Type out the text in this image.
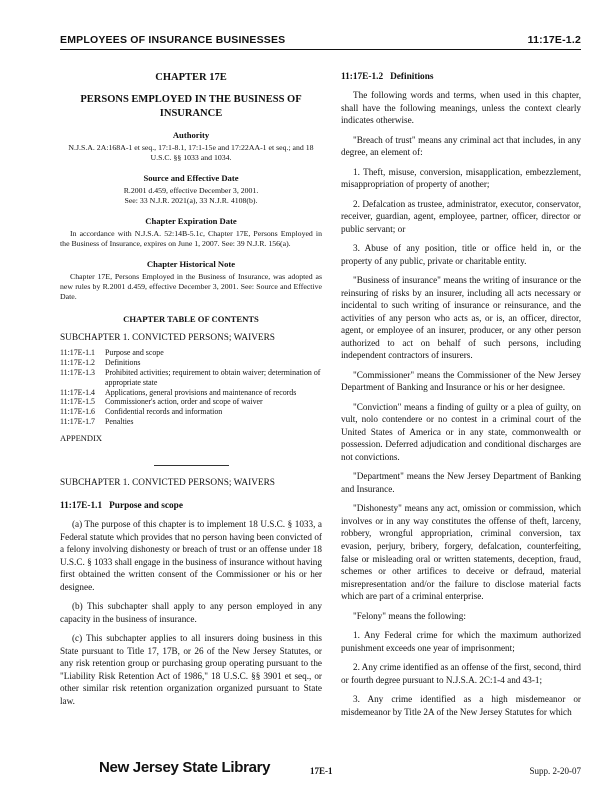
EMPLOYEES OF INSURANCE BUSINESSES	11:17E-1.2

CHAPTER 17E

PERSONS EMPLOYED IN THE BUSINESS OF INSURANCE

Authority

N.J.S.A. 2A:168A-1 et seq., 17:1-8.1, 17:1-15e and 17:22AA-1 et seq.; and 18 U.S.C. §§ 1033 and 1034.

Source and Effective Date

R.2001 d.459, effective December 3, 2001.

See: 33 N.J.R. 2021(a), 33 N.J.R. 4108(b).

Chapter Expiration Date

In accordance with N.J.S.A. 52:14B-5.1c, Chapter 17E, Persons Employed in the Business of Insurance, expires on June 1, 2007. See: 39 N.J.R. 156(a).

Chapter Historical Note

Chapter 17E, Persons Employed in the Business of Insurance, was adopted as new rules by R.2001 d.459, effective December 3, 2001. See: Source and Effective Date.

CHAPTER TABLE OF CONTENTS

SUBCHAPTER 1. CONVICTED PERSONS; WAIVERS

11:17E-1.1	Purpose and scope
11:17E-1.2	Definitions
11:17E-1.3	Prohibited activities; requirement to obtain waiver; determination of appropriate state
11:17E-1.4	Applications, general provisions and maintenance of records
11:17E-1.5	Commissioner's action, order and scope of waiver
11:17E-1.6	Confidential records and information
11:17E-1.7	Penalties

APPENDIX

SUBCHAPTER 1. CONVICTED PERSONS; WAIVERS

11:17E-1.1 Purpose and scope

(a) The purpose of this chapter is to implement 18 U.S.C. § 1033, a Federal statute which provides that no person having been convicted of a felony involving dishonesty or breach of trust or an offense under 18 U.S.C. § 1033 shall engage in the business of insurance without having first obtained the written consent of the Commissioner or his or her designee.

(b) This subchapter shall apply to any person employed in any capacity in the business of insurance.

(c) This subchapter applies to all insurers doing business in this State pursuant to Title 17, 17B, or 26 of the New Jersey Statutes, or any risk retention group or purchasing group operating pursuant to the "Liability Risk Retention Act of 1986," 18 U.S.C. §§ 3901 et seq., or other similar risk retention organization organized pursuant to State law.

11:17E-1.2 Definitions

The following words and terms, when used in this chapter, shall have the following meanings, unless the context clearly indicates otherwise.

"Breach of trust" means any criminal act that includes, in any degree, an element of:

1. Theft, misuse, conversion, misapplication, embezzlement, misappropriation of property of another;

2. Defalcation as trustee, administrator, executor, conservator, receiver, guardian, agent, employee, partner, officer, director or public servant; or

3. Abuse of any position, title or office held in, or the property of any public, private or charitable entity.

"Business of insurance" means the writing of insurance or the reinsuring of risks by an insurer, including all acts necessary or incidental to such writing of insurance or reinsurance, and the activities of any person who acts as, or is, an officer, director, agent, or employee of an insurer, producer, or any other person authorized to act on behalf of such persons, including independent contractors of insurers.

"Commissioner" means the Commissioner of the New Jersey Department of Banking and Insurance or his or her designee.

"Conviction" means a finding of guilty or a plea of guilty, on vult, nolo contendere or no contest in a criminal court of the United States of America or in any state, commonwealth or possession. Deferred adjudication and conditional discharges are not convictions.

"Department" means the New Jersey Department of Banking and Insurance.

"Dishonesty" means any act, omission or commission, which involves or in any way constitutes the offense of theft, larceny, robbery, wrongful appropriation, criminal conversion, tax evasion, perjury, bribery, forgery, defalcation, counterfeiting, false or misleading oral or written statements, deception, fraud, schemes or other artifices to deceive or defraud, material misrepresentation and/or the failure to disclose material facts which are part of a criminal enterprise.

"Felony" means the following:

1. Any Federal crime for which the maximum authorized punishment exceeds one year of imprisonment;

2. Any crime identified as an offense of the first, second, third or fourth degree pursuant to N.J.S.A. 2C:1-4 and 43-1;

3. Any crime identified as a high misdemeanor or misdemeanor by Title 2A of the New Jersey Statutes for which

New Jersey State Library	17E-1	Supp. 2-20-07
